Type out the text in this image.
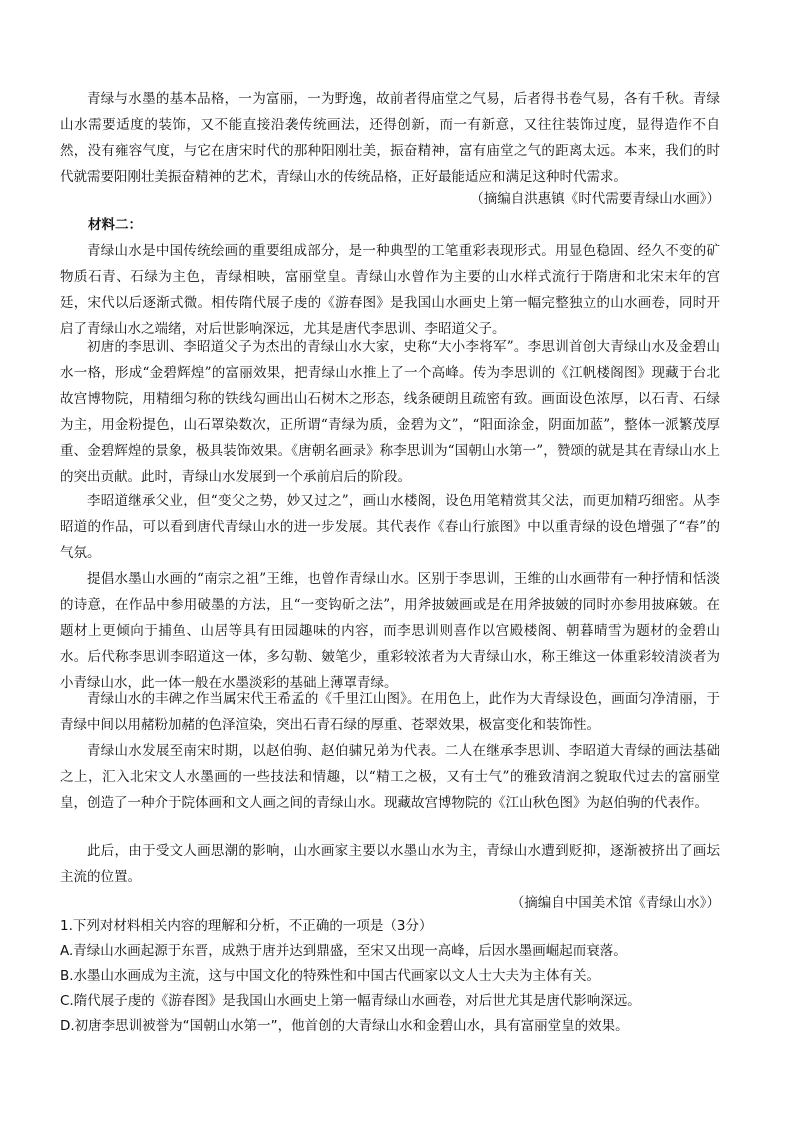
青绿与水墨的基本品格，一为富丽，一为野逸，故前者得庙堂之气易，后者得书卷气易，各有千秋。青绿山水需要适度的装饰，又不能直接沿袭传统画法，还得创新，而一有新意，又往往装饰过度，显得造作不自然，没有雍容气度，与它在唐宋时代的那种阳刚壮美，振奋精神，富有庙堂之气的距离太远。本来，我们的时代就需要阳刚壮美振奋精神的艺术，青绿山水的传统品格，正好最能适应和满足这种时代需求。

（摘编自洪惠镇《时代需要青绿山水画》）

材料二：

青绿山水是中国传统绘画的重要组成部分，是一种典型的工笔重彩表现形式。用显色稳固、经久不变的矿物质石青、石绿为主色，青绿相映，富丽堂皇。青绿山水曾作为主要的山水样式流行于隋唐和北宋末年的宫廷，宋代以后逐渐式微。相传隋代展子虔的《游春图》是我国山水画史上第一幅完整独立的山水画卷，同时开启了青绿山水之端绪，对后世影响深远，尤其是唐代李思训、李昭道父子。

初唐的李思训、李昭道父子为杰出的青绿山水大家，史称“大小李将军”。李思训首创大青绿山水及金碧山水一格，形成“金碧辉煌”的富丽效果，把青绿山水推上了一个高峰。传为李思训的《江帆楼阁图》现藏于台北故宫博物院，用精细匀称的铁线勾画出山石树木之形态，线条硬朗且疏密有致。画面设色浓厚，以石青、石绿为主，用金粉提色，山石罩染数次，正所谓“青绿为质，金碧为文”，“阳面涂金，阴面加蓝”，整体一派繁茂厚重、金碧辉煌的景象，极具装饰效果。《唐朝名画录》称李思训为“国朝山水第一”，赞颂的就是其在青绿山水上的突出贡献。此时，青绿山水发展到一个承前启后的阶段。

李昭道继承父业，但“变父之势，妙又过之”，画山水楼阁，设色用笔精赏其父法，而更加精巧细密。从李昭道的作品，可以看到唐代青绿山水的进一步发展。其代表作《春山行旅图》中以重青绿的设色增强了“春”的气氛。

提倡水墨山水画的“南宗之祖”王维，也曾作青绿山水。区别于李思训，王维的山水画带有一种抒情和恬淡的诗意，在作品中参用破墨的方法，且“一变钩斫之法”，用斧披皴画或是在用斧披皴的同时亦参用披麻皴。在题材上更倾向于捕鱼、山居等具有田园趣味的内容，而李思训则喜作以宫殿楼阁、朝暮晴雪为题材的金碧山水。后代称李思训李昭道这一体，多勾勒、皴笔少，重彩较浓者为大青绿山水，称王维这一体重彩较清淡者为小青绿山水，此一体一般在水墨淡彩的基础上薄罩青绿。

青绿山水的丰碑之作当属宋代王希孟的《千里江山图》。在用色上，此作为大青绿设色，画面匀净清丽，于青绿中间以用赭粉加赭的色泽渲染，突出石青石绿的厚重、苍翠效果，极富变化和装饰性。

青绿山水发展至南宋时期，以赵伯驹、赵伯骕兄弟为代表。二人在继承李思训、李昭道大青绿的画法基础之上，汇入北宋文人水墨画的一些技法和情趣，以“精工之极，又有士气”的雅致清润之貌取代过去的富丽堂皇，创造了一种介于院体画和文人画之间的青绿山水。现藏故宫博物院的《江山秋色图》为赵伯驹的代表作。

此后，由于受文人画思潮的影响，山水画家主要以水墨山水为主，青绿山水遭到贬抑，逐渐被挤出了画坛主流的位置。

（摘编自中国美术馆《青绿山水》）

1.下列对材料相关内容的理解和分析，不正确的一项是（3分）

A.青绿山水画起源于东晋，成熟于唐并达到鼎盛，至宋又出现一高峰，后因水墨画崛起而衰落。

B.水墨山水画成为主流，这与中国文化的特殊性和中国古代画家以文人士大夫为主体有关。

C.隋代展子虔的《游春图》是我国山水画史上第一幅青绿山水画卷，对后世尤其是唐代影响深远。

D.初唐李思训被誉为“国朝山水第一”，他首创的大青绿山水和金碧山水，具有富丽堂皇的效果。
